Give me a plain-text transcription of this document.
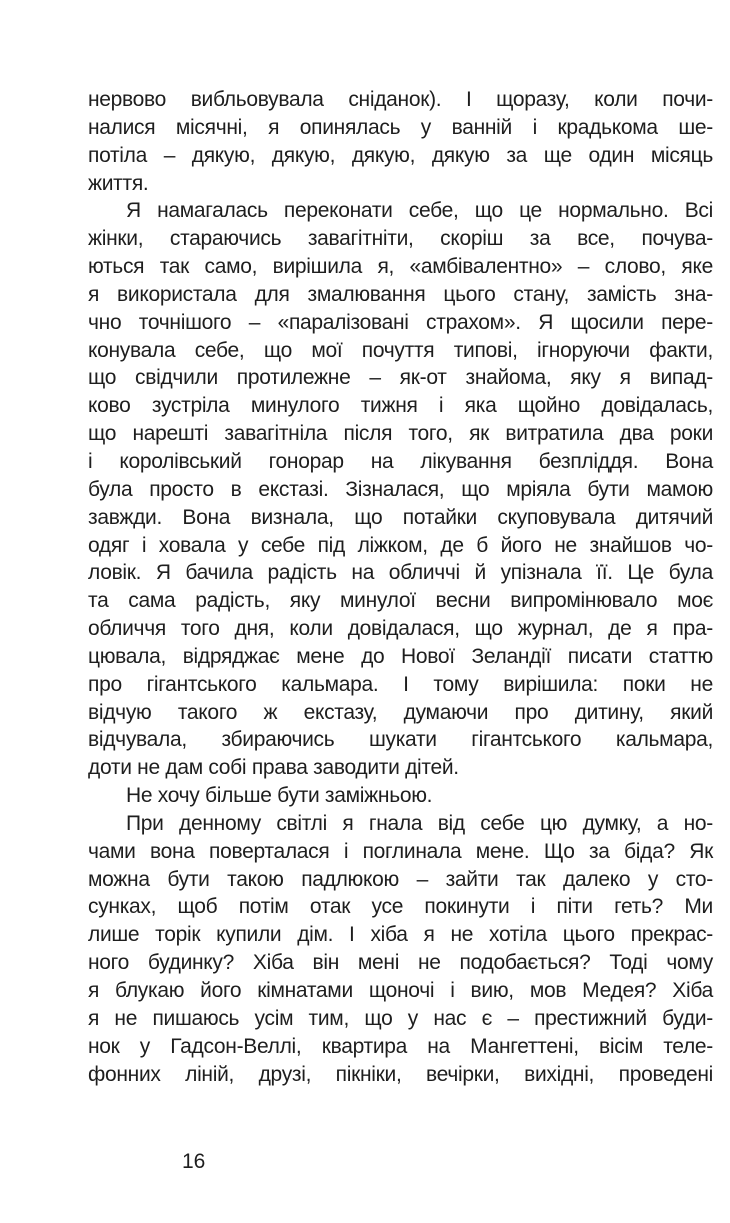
нервово вибльовувала сніданок). І щоразу, коли почи-
налися місячні, я опинялась у ванній і крадькома ше-
потіла – дякую, дякую, дякую, дякую за ще один місяць
життя.
Я намагалась переконати себе, що це нормально. Всі
жінки, стараючись завагітніти, скоріш за все, почува-
ються так само, вирішила я, «амбівалентно» – слово, яке
я використала для змалювання цього стану, замість зна-
чно точнішого – «паралізовані страхом». Я щосили пере-
конувала себе, що мої почуття типові, ігноруючи факти,
що свідчили протилежне – як-от знайома, яку я випад-
ково зустріла минулого тижня і яка щойно довідалась,
що нарешті завагітніла після того, як витратила два роки
і королівський гонорар на лікування безпліддя. Вона
була просто в екстазі. Зізналася, що мріяла бути мамою
завжди. Вона визнала, що потайки скуповувала дитячий
одяг і ховала у себе під ліжком, де б його не знайшов чо-
ловік. Я бачила радість на обличчі й упізнала її. Це була
та сама радість, яку минулої весни випромінювало моє
обличчя того дня, коли довідалася, що журнал, де я пра-
цювала, відряджає мене до Нової Зеландії писати статтю
про гігантського кальмара. І тому вирішила: поки не
відчую такого ж екстазу, думаючи про дитину, який
відчувала, збираючись шукати гігантського кальмара,
доти не дам собі права заводити дітей.
Не хочу більше бути заміжньою.
При денному світлі я гнала від себе цю думку, а но-
чами вона поверталася і поглинала мене. Що за біда? Як
можна бути такою падлюкою – зайти так далеко у сто-
сунках, щоб потім отак усе покинути і піти геть? Ми
лише торік купили дім. І хіба я не хотіла цього прекрас-
ного будинку? Хіба він мені не подобається? Тоді чому
я блукаю його кімнатами щоночі і вию, мов Медея? Хіба
я не пишаюсь усім тим, що у нас є – престижний буди-
нок у Гадсон-Веллі, квартира на Мангеттені, вісім теле-
фонних ліній, друзі, пікніки, вечірки, вихідні, проведені
16
